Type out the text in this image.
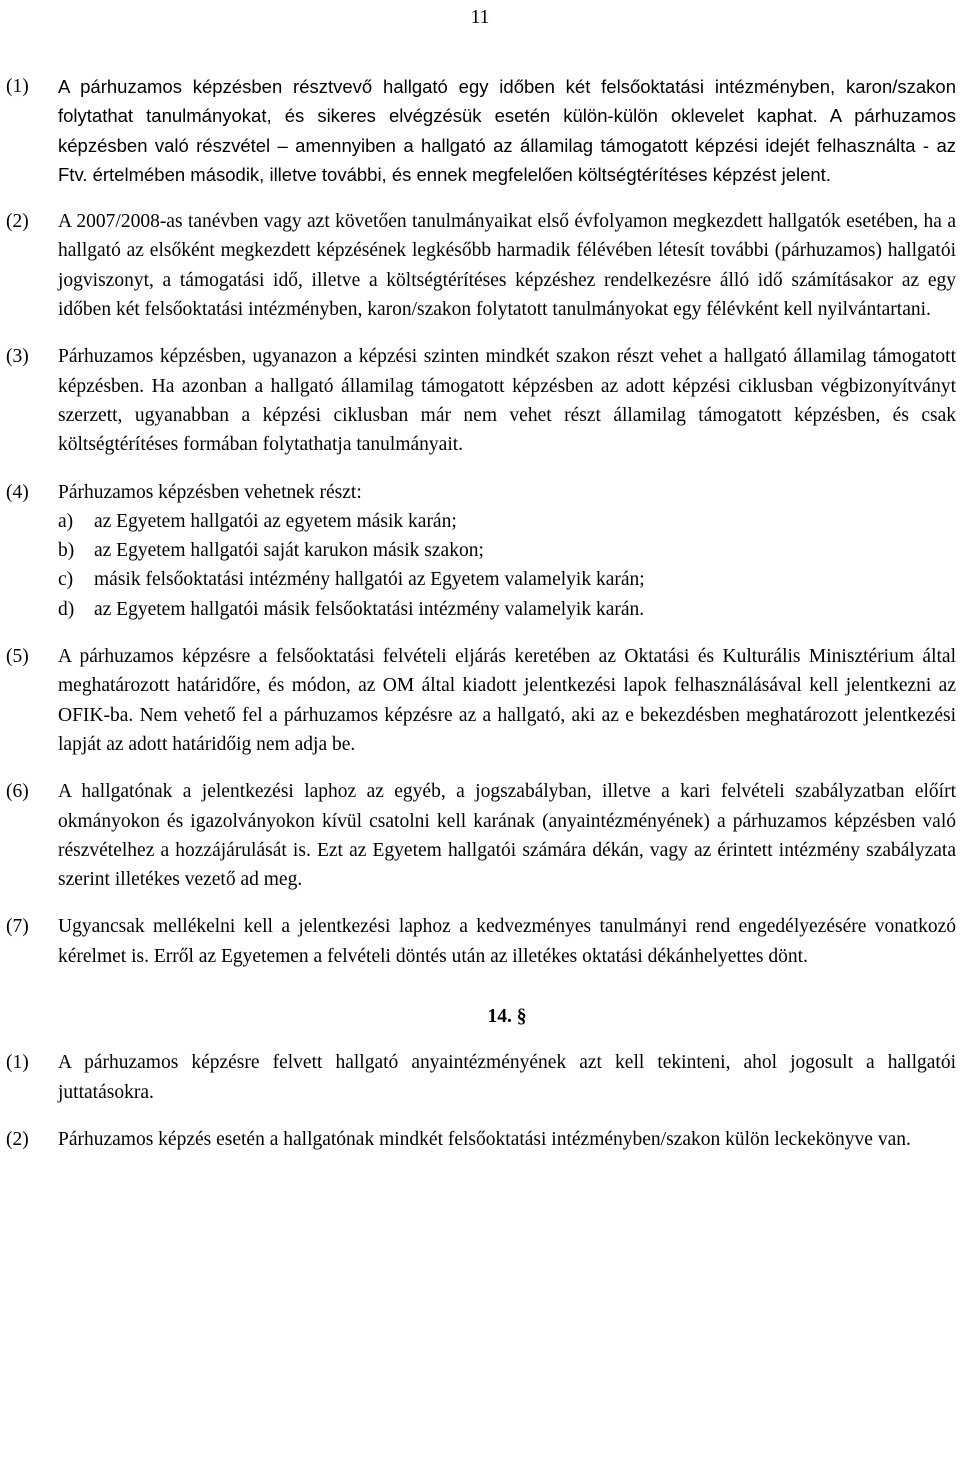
11

(1) A párhuzamos képzésben résztvevő hallgató egy időben két felsőoktatási intézményben, karon/szakon folytathat tanulmányokat, és sikeres elvégzésük esetén külön-külön oklevelet kaphat. A párhuzamos képzésben való részvétel – amennyiben a hallgató az államilag támogatott képzési idejét felhasználta - az Ftv. értelmében második, illetve további, és ennek megfelelően költségtérítéses képzést jelent.

(2) A 2007/2008-as tanévben vagy azt követően tanulmányaikat első évfolyamon megkezdett hallgatók esetében, ha a hallgató az elsőként megkezdett képzésének legkésőbb harmadik félévében létesít további (párhuzamos) hallgatói jogviszonyt, a támogatási idő, illetve a költségtérítéses képzéshez rendelkezésre álló idő számításakor az egy időben két felsőoktatási intézményben, karon/szakon folytatott tanulmányokat egy félévként kell nyilvántartani.

(3) Párhuzamos képzésben, ugyanazon a képzési szinten mindkét szakon részt vehet a hallgató államilag támogatott képzésben. Ha azonban a hallgató államilag támogatott képzésben az adott képzési ciklusban végbizonyítványt szerzett, ugyanabban a képzési ciklusban már nem vehet részt államilag támogatott képzésben, és csak költségtérítéses formában folytathatja tanulmányait.

(4) Párhuzamos képzésben vehetnek részt:

a) az Egyetem hallgatói az egyetem másik karán;
b) az Egyetem hallgatói saját karukon másik szakon;
c) másik felsőoktatási intézmény hallgatói az Egyetem valamelyik karán;
d) az Egyetem hallgatói másik felsőoktatási intézmény valamelyik karán.

(5) A párhuzamos képzésre a felsőoktatási felvételi eljárás keretében az Oktatási és Kulturális Minisztérium által meghatározott határidőre, és módon, az OM által kiadott jelentkezési lapok felhasználásával kell jelentkezni az OFIK-ba. Nem vehető fel a párhuzamos képzésre az a hallgató, aki az e bekezdésben meghatározott jelentkezési lapját az adott határidőig nem adja be.

(6) A hallgatónak a jelentkezési laphoz az egyéb, a jogszabályban, illetve a kari felvételi szabályzatban előírt okmányokon és igazolványokon kívül csatolni kell karának (anyaintézményének) a párhuzamos képzésben való részvételhez a hozzájárulását is. Ezt az Egyetem hallgatói számára dékán, vagy az érintett intézmény szabályzata szerint illetékes vezető ad meg.

(7) Ugyancsak mellékelni kell a jelentkezési laphoz a kedvezményes tanulmányi rend engedélyezésére vonatkozó kérelmet is. Erről az Egyetemen a felvételi döntés után az illetékes oktatási dékánhelyettes dönt.

14. §

(1) A párhuzamos képzésre felvett hallgató anyaintézményének azt kell tekinteni, ahol jogosult a hallgatói juttatásokra.

(2) Párhuzamos képzés esetén a hallgatónak mindkét felsőoktatási intézményben/szakon külön leckekönyve van.
